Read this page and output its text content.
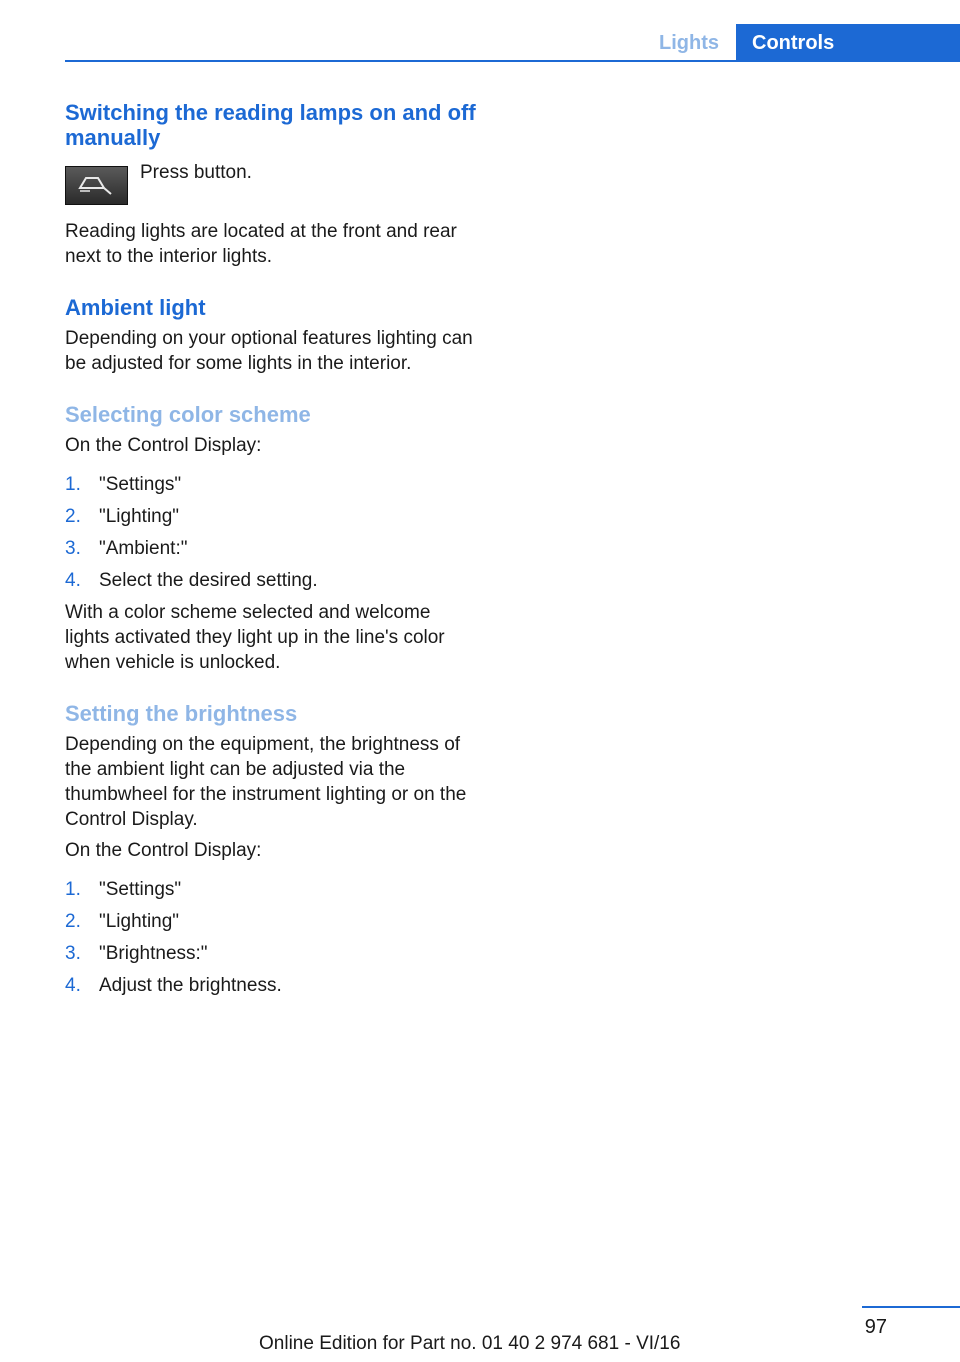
Lights	Controls
Switching the reading lamps on and off manually
Press button.

Reading lights are located at the front and rear next to the interior lights.

Ambient light

Depending on your optional features lighting can be adjusted for some lights in the interior.

Selecting color scheme

On the Control Display:

1. "Settings"
2. "Lighting"
3. "Ambient:"
4. Select the desired setting.

With a color scheme selected and welcome lights activated they light up in the line's color when vehicle is unlocked.

Setting the brightness

Depending on the equipment, the brightness of the ambient light can be adjusted via the thumbwheel for the instrument lighting or on the Control Display.

On the Control Display:

1. "Settings"
2. "Lighting"
3. "Brightness:"
4. Adjust the brightness.
97
Online Edition for Part no. 01 40 2 974 681 - VI/16
